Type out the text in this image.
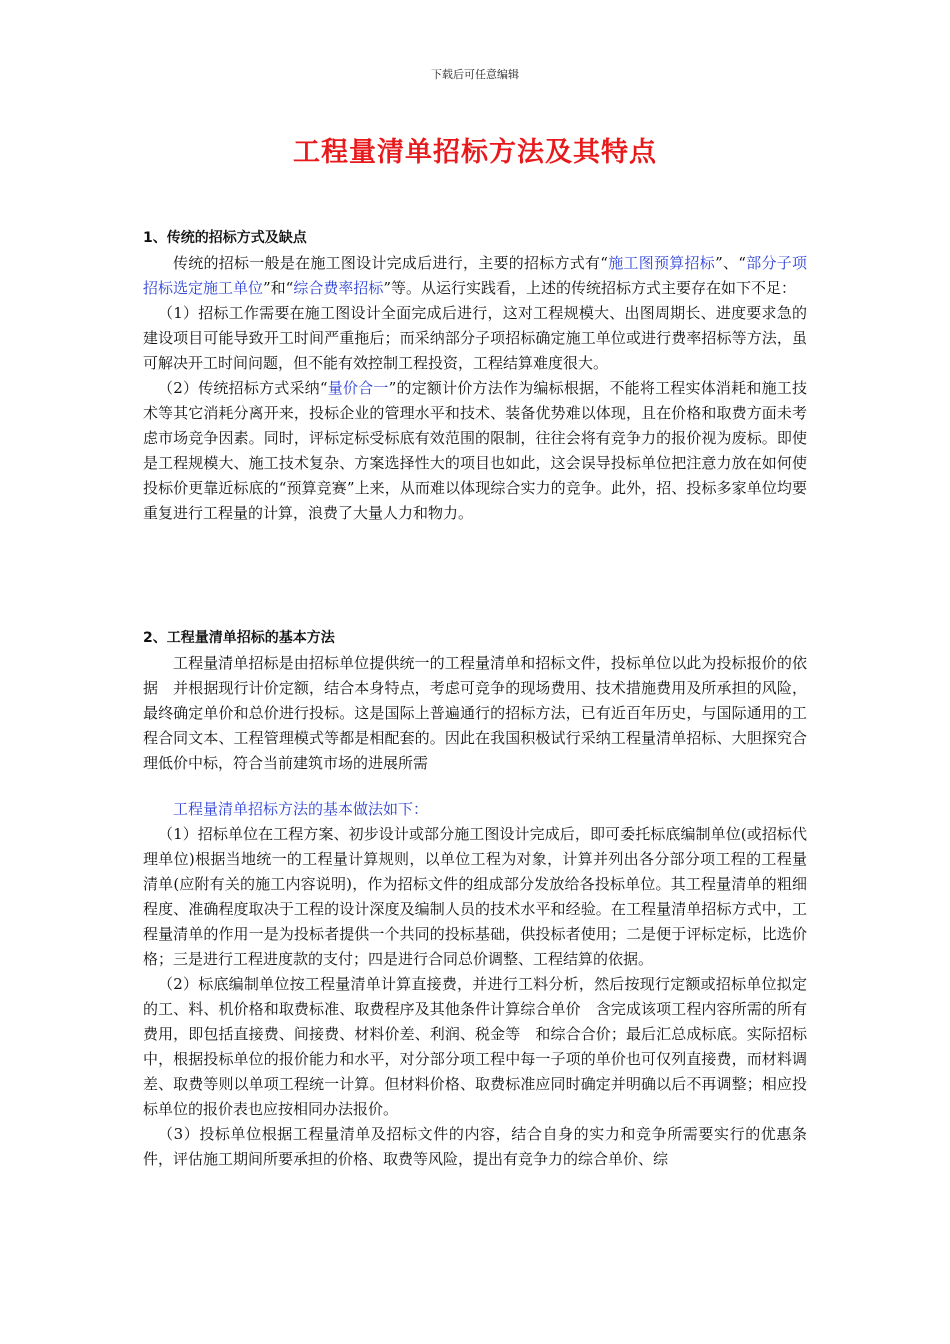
下载后可任意编辑
工程量清单招标方法及其特点
1、传统的招标方式及缺点

传统的招标一般是在施工图设计完成后进行，主要的招标方式有“施工图预算招标”、“部分子项招标选定施工单位”和“综合费率招标”等。从运行实践看，上述的传统招标方式主要存在如下不足：

（1）招标工作需要在施工图设计全面完成后进行，这对工程规模大、出图周期长、进度要求急的建设项目可能导致开工时间严重拖后；而采纳部分子项招标确定施工单位或进行费率招标等方法，虽可解决开工时间问题，但不能有效控制工程投资，工程结算难度很大。

（2）传统招标方式采纳“量价合一”的定额计价方法作为编标根据，不能将工程实体消耗和施工技术等其它消耗分离开来，投标企业的管理水平和技术、装备优势难以体现，且在价格和取费方面未考虑市场竞争因素。同时，评标定标受标底有效范围的限制，往往会将有竞争力的报价视为废标。即使是工程规模大、施工技术复杂、方案选择性大的项目也如此，这会误导投标单位把注意力放在如何使投标价更靠近标底的“预算竞赛”上来，从而难以体现综合实力的竞争。此外，招、投标多家单位均要重复进行工程量的计算，浪费了大量人力和物力。

2、工程量清单招标的基本方法

工程量清单招标是由招标单位提供统一的工程量清单和招标文件，投标单位以此为投标报价的依据　并根据现行计价定额，结合本身特点，考虑可竞争的现场费用、技术措施费用及所承担的风险，最终确定单价和总价进行投标。这是国际上普遍通行的招标方法，已有近百年历史，与国际通用的工程合同文本、工程管理模式等都是相配套的。因此在我国积极试行采纳工程量清单招标、大胆探究合理低价中标，符合当前建筑市场的进展所需

工程量清单招标方法的基本做法如下：

（1）招标单位在工程方案、初步设计或部分施工图设计完成后，即可委托标底编制单位(或招标代理单位)根据当地统一的工程量计算规则，以单位工程为对象，计算并列出各分部分项工程的工程量清单(应附有关的施工内容说明)，作为招标文件的组成部分发放给各投标单位。其工程量清单的粗细程度、准确程度取决于工程的设计深度及编制人员的技术水平和经验。在工程量清单招标方式中，工程量清单的作用一是为投标者提供一个共同的投标基础，供投标者使用；二是便于评标定标，比选价格；三是进行工程进度款的支付；四是进行合同总价调整、工程结算的依据。

（2）标底编制单位按工程量清单计算直接费，并进行工料分析，然后按现行定额或招标单位拟定的工、料、机价格和取费标准、取费程序及其他条件计算综合单价　含完成该项工程内容所需的所有费用，即包括直接费、间接费、材料价差、利润、税金等　和综合合价；最后汇总成标底。实际招标中，根据投标单位的报价能力和水平，对分部分项工程中每一子项的单价也可仅列直接费，而材料调差、取费等则以单项工程统一计算。但材料价格、取费标准应同时确定并明确以后不再调整；相应投标单位的报价表也应按相同办法报价。

（3）投标单位根据工程量清单及招标文件的内容，结合自身的实力和竞争所需要实行的优惠条件，评估施工期间所要承担的价格、取费等风险，提出有竞争力的综合单价、综
